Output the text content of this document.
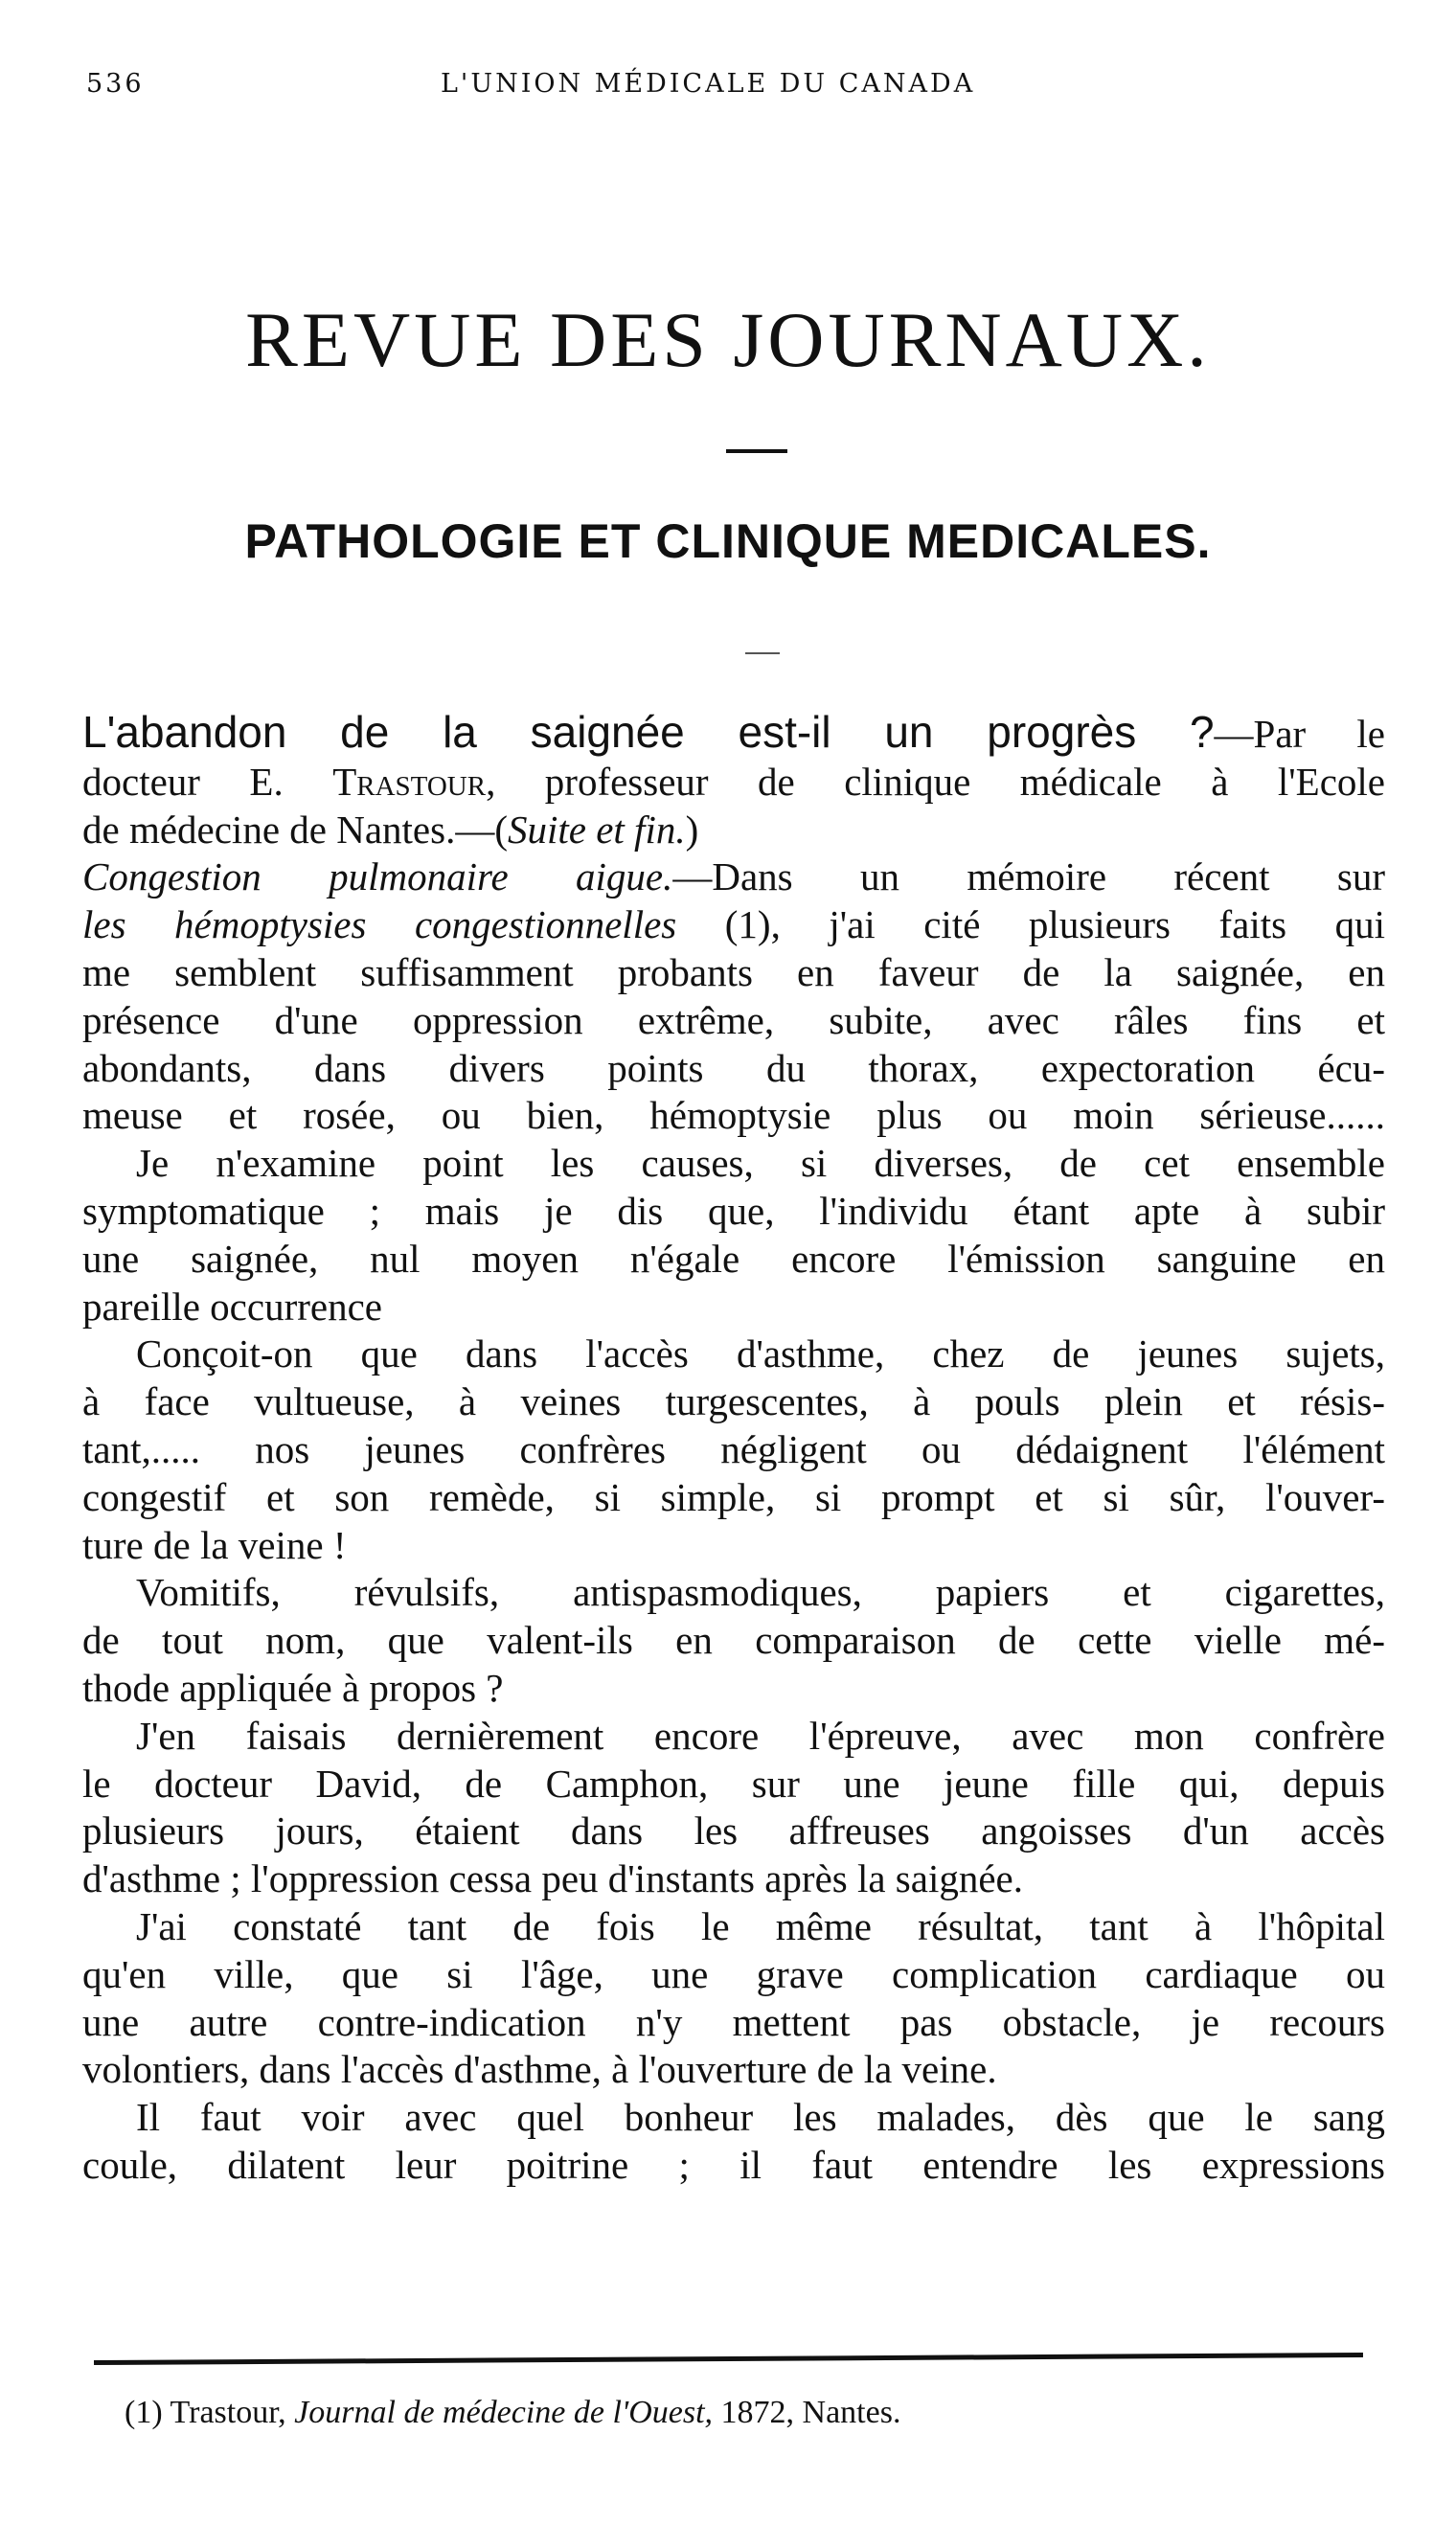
536	L'UNION MÉDICALE DU CANADA
REVUE DES JOURNAUX.
PATHOLOGIE ET CLINIQUE MEDICALES.
L'abandon de la saignée est-il un progrès ?—Par le
docteur E. Trastour, professeur de clinique médicale à l'Ecole
de médecine de Nantes.—(Suite et fin.)
Congestion pulmonaire aigue.—Dans un mémoire récent sur
les hémoptysies congestionnelles (1), j'ai cité plusieurs faits qui
me semblent suffisamment probants en faveur de la saignée, en
présence d'une oppression extrême, subite, avec râles fins et
abondants, dans divers points du thorax, expectoration écu-
meuse et rosée, ou bien, hémoptysie plus ou moin sérieuse......
Je n'examine point les causes, si diverses, de cet ensemble
symptomatique ; mais je dis que, l'individu étant apte à subir
une saignée, nul moyen n'égale encore l'émission sanguine en
pareille occurrence
Conçoit-on que dans l'accès d'asthme, chez de jeunes sujets,
à face vultueuse, à veines turgescentes, à pouls plein et résis-
tant,..... nos jeunes confrères négligent ou dédaignent l'élément
congestif et son remède, si simple, si prompt et si sûr, l'ouver-
ture de la veine !
Vomitifs, révulsifs, antispasmodiques, papiers et cigarettes,
de tout nom, que valent-ils en comparaison de cette vielle mé-
thode appliquée à propos ?
J'en faisais dernièrement encore l'épreuve, avec mon confrère
le docteur David, de Camphon, sur une jeune fille qui, depuis
plusieurs jours, étaient dans les affreuses angoisses d'un accès
d'asthme ; l'oppression cessa peu d'instants après la saignée.
J'ai constaté tant de fois le même résultat, tant à l'hôpital
qu'en ville, que si l'âge, une grave complication cardiaque ou
une autre contre-indication n'y mettent pas obstacle, je recours
volontiers, dans l'accès d'asthme, à l'ouverture de la veine.
Il faut voir avec quel bonheur les malades, dès que le sang
coule, dilatent leur poitrine ; il faut entendre les expressions
(1) Trastour, Journal de médecine de l'Ouest, 1872, Nantes.
